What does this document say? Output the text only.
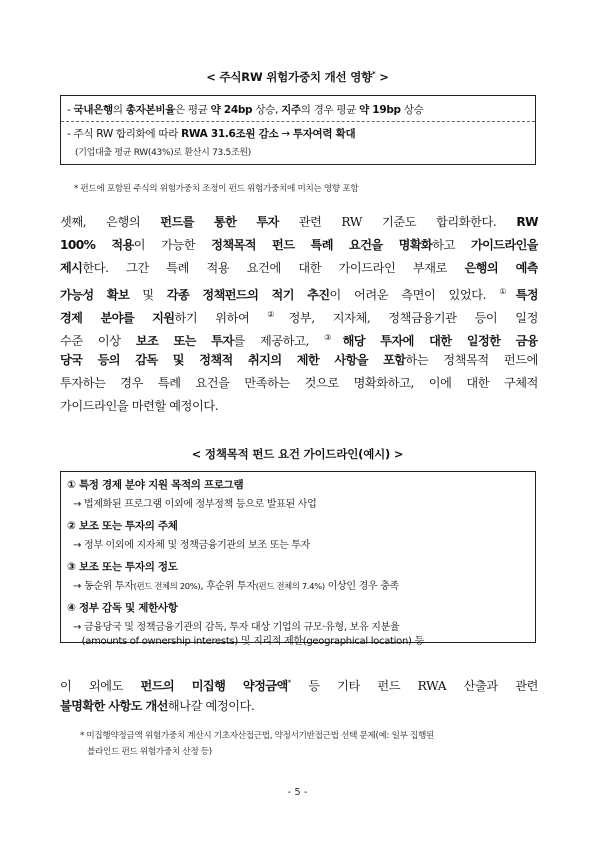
< 주식RW 위험가중치 개선 영향* >
- 국내은행의 총자본비율은 평균 약 24bp 상승, 지주의 경우 평균 약 19bp 상승
- 주식 RW 합리화에 따라 RWA 31.6조원 감소 → 투자여력 확대
(기업대출 평균 RW(43%)로 환산시 73.5조원)
* 펀드에 포함된 주식의 위험가중치 조정이 펀드 위험가중치에 미치는 영향 포함
셋째, 은행의 펀드를 통한 투자 관련 RW 기준도 합리화한다. RW
100% 적용이 가능한 정책목적 펀드 특례 요건을 명확화하고 가이드라인을
제시한다. 그간 특례 적용 요건에 대한 가이드라인 부재로 은행의 예측
가능성 확보 및 각종 정책펀드의 적기 추진이 어려운 측면이 있었다. ①특정
경제 분야를 지원하기 위하여 ②정부, 지자체, 정책금융기관 등이 일정
수준 이상 보조 또는 투자를 제공하고, ③해당 투자에 대한 일정한 금융
당국 등의 감독 및 정책적 취지의 제한 사항을 포함하는 정책목적 펀드에
투자하는 경우 특례 요건을 만족하는 것으로 명확화하고, 이에 대한 구체적
가이드라인을 마련할 예정이다.
< 정책목적 펀드 요건 가이드라인(예시) >
① 특정 경제 분야 지원 목적의 프로그램
→ 법제화된 프로그램 이외에 정부정책 등으로 발표된 사업
② 보조 또는 투자의 주체
→ 정부 이외에 지자체 및 정책금융기관의 보조 또는 투자
③ 보조 또는 투자의 정도
→ 동순위 투자(펀드 전체의 20%), 후순위 투자(펀드 전체의 7.4%) 이상인 경우 충족
④ 정부 감독 및 제한사항
→ 금융당국 및 정책금융기관의 감독, 투자 대상 기업의 규모·유형, 보유 지분율
(amounts of ownership interests) 및 지리적 제한(geographical location) 등
이 외에도 펀드의 미집행 약정금액* 등 기타 펀드 RWA 산출과 관련
불명확한 사항도 개선해나갈 예정이다.
* 미집행약정금액 위험가중치 계산시 기초자산접근법, 약정서기반접근법 선택 문제(예: 일부 집행된
블라인드 펀드 위험가중치 산정 등)
- 5 -
